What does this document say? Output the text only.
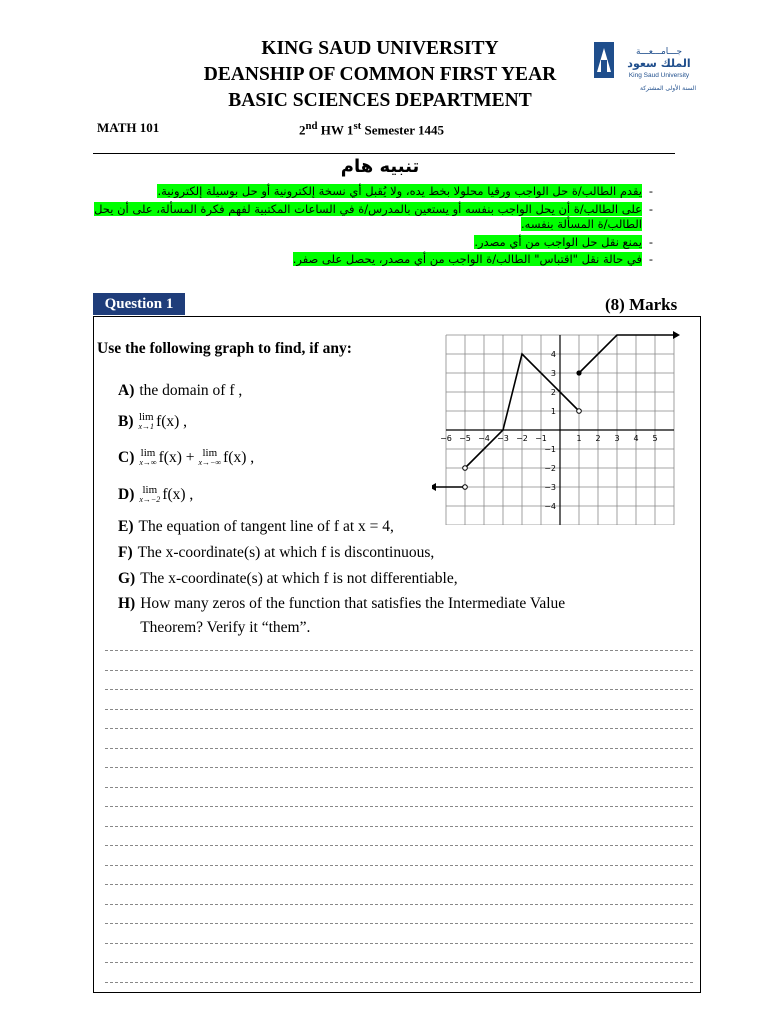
KING SAUD UNIVERSITY
DEANSHIP OF COMMON FIRST YEAR
BASIC SCIENCES DEPARTMENT
جـــامـــعـــة
الملك سعود
King Saud University
السنة الأولى المشتركة
MATH 101	2nd HW 1st Semester 1445
تنبيه هام
-
يقدم الطالب/ة حل الواجب ورقيا محلولا بخط يده، ولا يُقبل أي نسخة إلكترونية أو حل بوسيلة إلكترونية.
-
على الطالب/ة أن يحل الواجب بنفسه أو يستعين بالمدرس/ة في الساعات المكتبية لفهم فكرة المسألة، على أن يحل الطالب/ة المسألة بنفسه.
-
يمنع نقل حل الواجب من أي مصدر.
-
في حالة نقل "اقتباس" الطالب/ة الواجب من أي مصدر، يحصل على صفر.
Question 1	(8) Marks
Use the following graph to find, if any:
A) the domain of f ,
B) lim
x→1 f(x) ,
C) lim
x→∞ f(x) + lim
x→−∞ f(x) ,
D) lim
x→−2 f(x) ,
E) The equation of tangent line of f at x = 4,
F) The x-coordinate(s) at which f is discontinuous,
G) The x-coordinate(s) at which f is not differentiable,
H) How many zeros of the function that satisfies the Intermediate Value Theorem? Verify it “them”.
−6 −5 −4 −3 −2 −1	1 2 3 4 5
4
3
2
1
−1
−2
−3
−4
